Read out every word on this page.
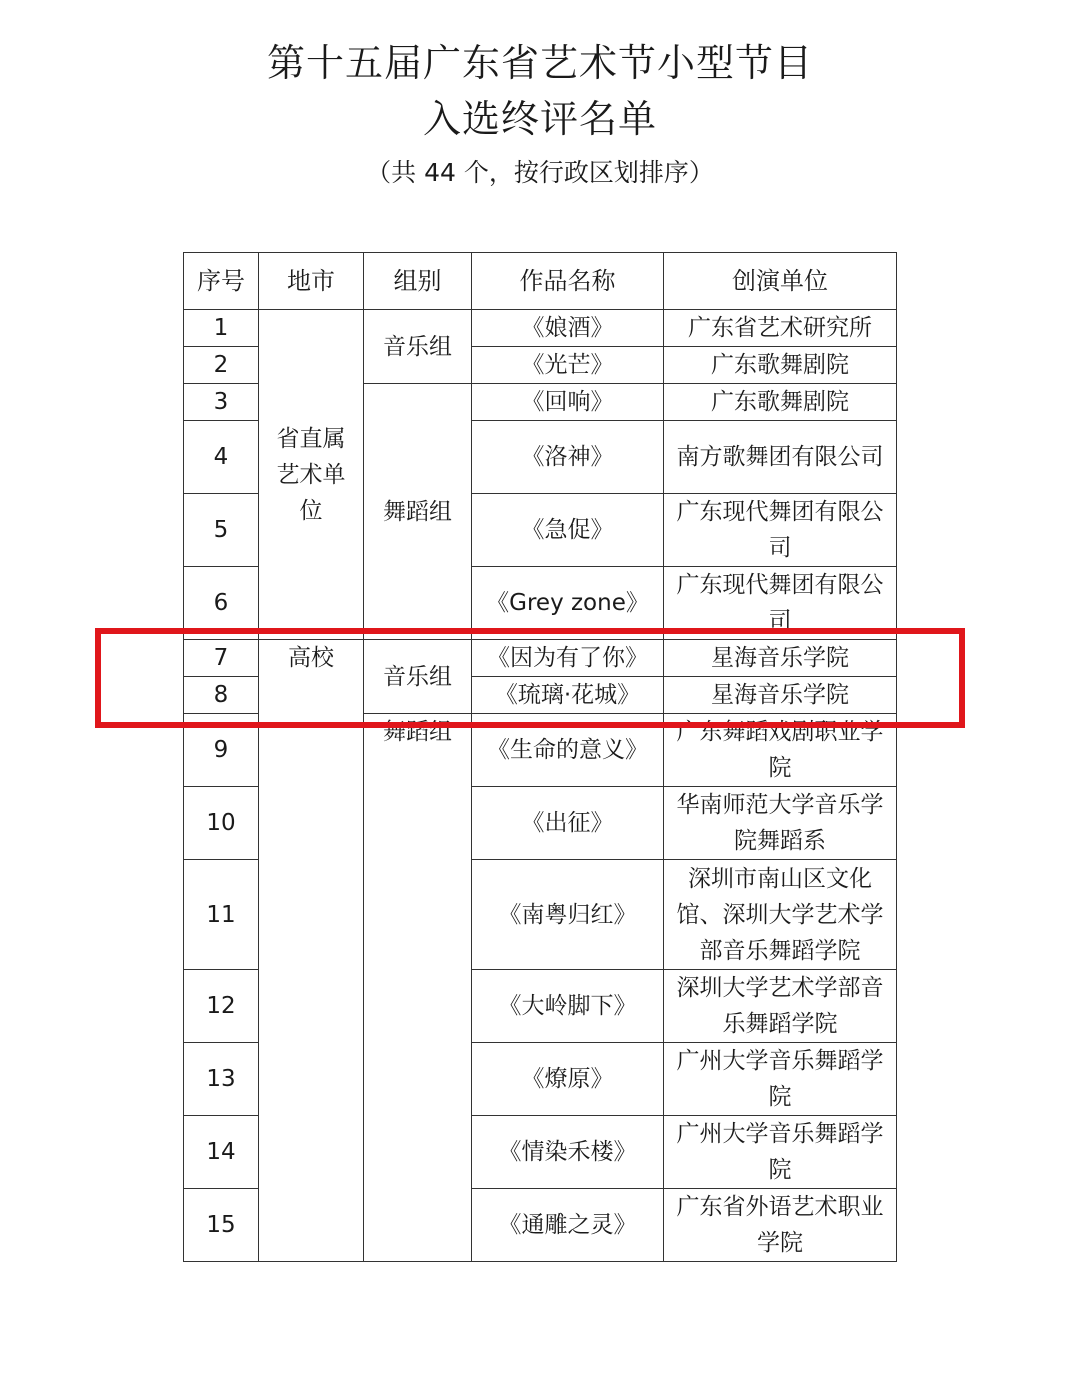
第十五届广东省艺术节小型节目
入选终评名单
（共 44 个，按行政区划排序）
序号	地市	组别	作品名称	创演单位
1	省直属艺术单位	音乐组	《娘酒》	广东省艺术研究所
2			《光芒》	广东歌舞剧院
3		舞蹈组	《回响》	广东歌舞剧院
4			《洛神》	南方歌舞团有限公司
5			《急促》	广东现代舞团有限公司
6			《Grey zone》	广东现代舞团有限公司
7	高校	音乐组	《因为有了你》	星海音乐学院
8			《琉璃·花城》	星海音乐学院
9		舞蹈组	《生命的意义》	广东舞蹈戏剧职业学院
10			《出征》	华南师范大学音乐学院舞蹈系
11			《南粤归红》	深圳市南山区文化馆、深圳大学艺术学部音乐舞蹈学院
12			《大岭脚下》	深圳大学艺术学部音乐舞蹈学院
13			《燎原》	广州大学音乐舞蹈学院
14			《情染禾楼》	广州大学音乐舞蹈学院
15			《通雕之灵》	广东省外语艺术职业学院
